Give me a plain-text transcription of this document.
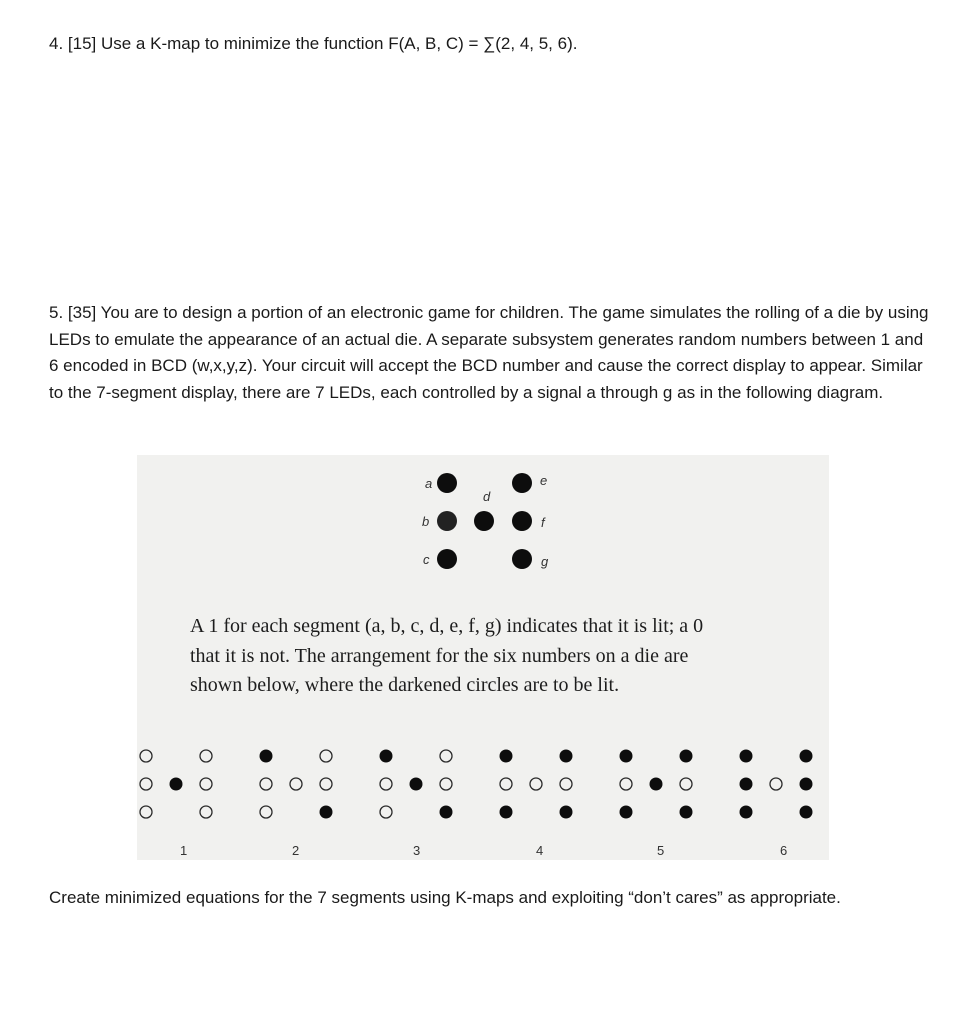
4. [15] Use a K-map to minimize the function F(A, B, C) = ∑(2, 4, 5, 6).
5. [35] You are to design a portion of an electronic game for children. The game simulates the rolling of a die by using LEDs to emulate the appearance of an actual die. A separate subsystem generates random numbers between 1 and 6 encoded in BCD (w,x,y,z). Your circuit will accept the BCD number and cause the correct display to appear. Similar to the 7-segment display, there are 7 LEDs, each controlled by a signal a through g as in the following diagram.
a
b
c
d
e
f
g
1	2	3	4	5	6

A 1 for each segment (a, b, c, d, e, f, g) indicates that it is lit; a 0

that it is not. The arrangement for the six numbers on a die are

shown below, where the darkened circles are to be lit.

Create minimized equations for the 7 segments using K-maps and exploiting “don’t cares” as appropriate.
